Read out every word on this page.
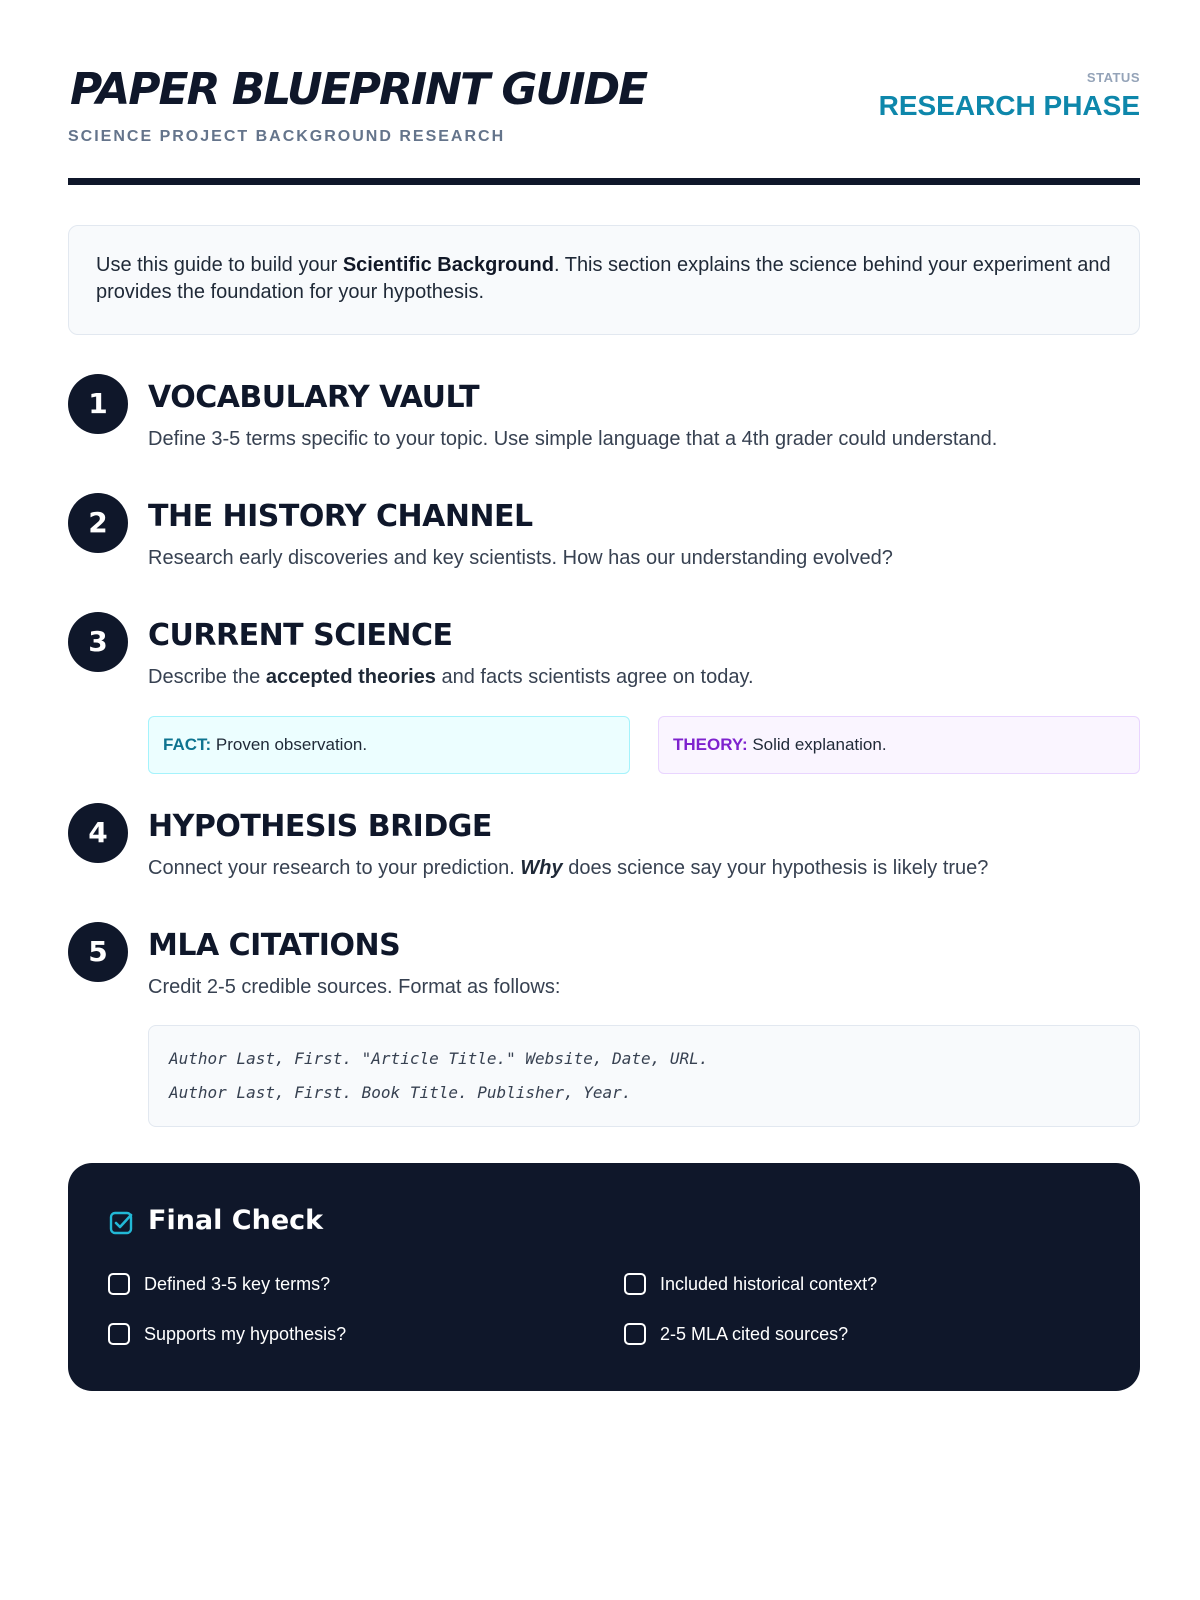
PAPER BLUEPRINT GUIDE
SCIENCE PROJECT BACKGROUND RESEARCH
STATUS
RESEARCH PHASE
Use this guide to build your Scientific Background. This section explains the science behind your experiment and provides the foundation for your hypothesis.
1	VOCABULARY VAULT
Define 3-5 terms specific to your topic. Use simple language that a 4th grader could understand.
2	THE HISTORY CHANNEL
Research early discoveries and key scientists. How has our understanding evolved?
3	CURRENT SCIENCE
Describe the accepted theories and facts scientists agree on today.
FACT: Proven observation.	THEORY: Solid explanation.
4	HYPOTHESIS BRIDGE
Connect your research to your prediction. Why does science say your hypothesis is likely true?
5	MLA CITATIONS
Credit 2-5 credible sources. Format as follows:
Author Last, First. "Article Title." Website, Date, URL.
Author Last, First. Book Title. Publisher, Year.
Final Check
Defined 3-5 key terms?	Included historical context?
Supports my hypothesis?	2-5 MLA cited sources?
